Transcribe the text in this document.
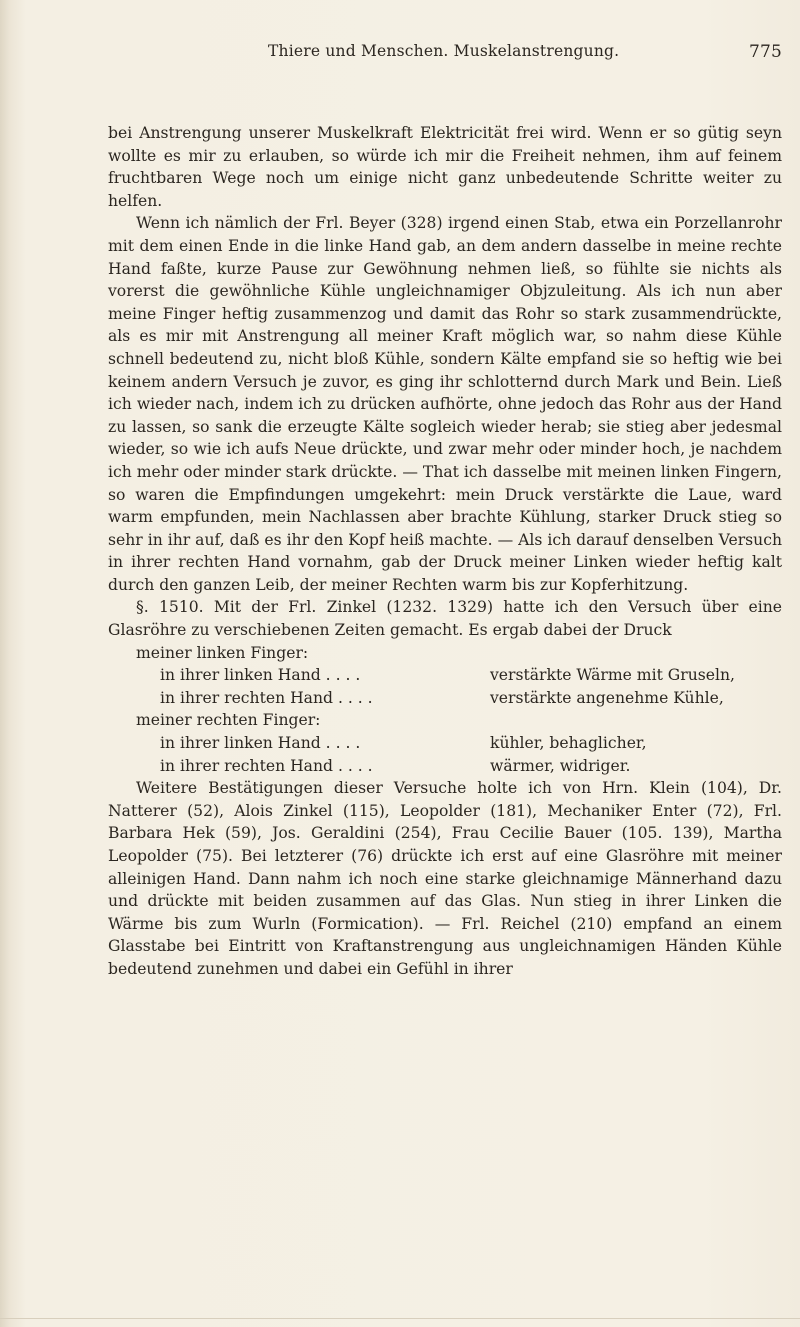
Thiere und Menschen. Muskelanstrengung.	775

bei Anstrengung unserer Muskelkraft Elektricität frei wird. Wenn er so gütig seyn wollte es mir zu erlauben, so würde ich mir die Freiheit nehmen, ihm auf feinem fruchtbaren Wege noch um einige nicht ganz unbedeutende Schritte weiter zu helfen.

Wenn ich nämlich der Frl. Beyer (328) irgend einen Stab, etwa ein Porzellanrohr mit dem einen Ende in die linke Hand gab, an dem andern dasselbe in meine rechte Hand faßte, kurze Pause zur Gewöhnung nehmen ließ, so fühlte sie nichts als vorerst die gewöhnliche Kühle ungleichnamiger Objzuleitung. Als ich nun aber meine Finger heftig zusammenzog und damit das Rohr so stark zusammendrückte, als es mir mit Anstrengung all meiner Kraft möglich war, so nahm diese Kühle schnell bedeutend zu, nicht bloß Kühle, sondern Kälte empfand sie so heftig wie bei keinem andern Versuch je zuvor, es ging ihr schlotternd durch Mark und Bein. Ließ ich wieder nach, indem ich zu drücken aufhörte, ohne jedoch das Rohr aus der Hand zu lassen, so sank die erzeugte Kälte sogleich wieder herab; sie stieg aber jedesmal wieder, so wie ich aufs Neue drückte, und zwar mehr oder minder hoch, je nachdem ich mehr oder minder stark drückte. — That ich dasselbe mit meinen linken Fingern, so waren die Empfindungen umgekehrt: mein Druck verstärkte die Laue, ward warm empfunden, mein Nachlassen aber brachte Kühlung, starker Druck stieg so sehr in ihr auf, daß es ihr den Kopf heiß machte. — Als ich darauf denselben Versuch in ihrer rechten Hand vornahm, gab der Druck meiner Linken wieder heftig kalt durch den ganzen Leib, der meiner Rechten warm bis zur Kopferhitzung.

§. 1510. Mit der Frl. Zinkel (1232. 1329) hatte ich den Versuch über eine Glasröhre zu verschiebenen Zeiten gemacht. Es ergab dabei der Druck

meiner linken Finger:
in ihrer linken Hand . . . .	verstärkte Wärme mit Gruseln,
in ihrer rechten Hand . . . .	verstärkte angenehme Kühle,
meiner rechten Finger:
in ihrer linken Hand . . . .	kühler, behaglicher,
in ihrer rechten Hand . . . .	wärmer, widriger.

Weitere Bestätigungen dieser Versuche holte ich von Hrn. Klein (104), Dr. Natterer (52), Alois Zinkel (115), Leopolder (181), Mechaniker Enter (72), Frl. Barbara Hek (59), Jos. Geraldini (254), Frau Cecilie Bauer (105. 139), Martha Leopolder (75). Bei letzterer (76) drückte ich erst auf eine Glasröhre mit meiner alleinigen Hand. Dann nahm ich noch eine starke gleichnamige Männerhand dazu und drückte mit beiden zusammen auf das Glas. Nun stieg in ihrer Linken die Wärme bis zum Wurln (Formication). — Frl. Reichel (210) empfand an einem Glasstabe bei Eintritt von Kraftanstrengung aus ungleichnamigen Händen Kühle bedeutend zunehmen und dabei ein Gefühl in ihrer
